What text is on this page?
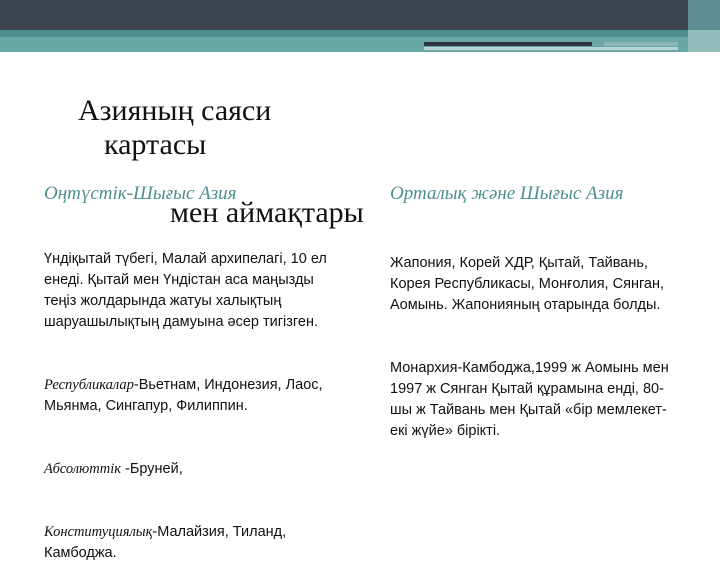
Азияның саяси

картасы

мен аймақтары

Оңтүстік-Шығыс Азия

Үндіқытай түбегі, Малай архипелагі, 10 ел енеді. Қытай мен Үндістан аса маңызды теңіз жолдарында жатуы халықтың шаруашылықтың дамуына әсер тигізген.

Республикалар-Вьетнам, Индонезия, Лаос, Мьянма, Сингапур, Филиппин.

Абсолюттік -Бруней,

Конституциялық-Малайзия, Тиланд, Камбоджа.

Орталық және Шығыс Азия

Жапония, Корей ХДР, Қытай, Тайвань, Корея Республикасы, Монғолия, Сянган, Аомынь. Жапонияның отарында болды.

Монархия-Камбоджа,1999 ж Аомынь мен 1997 ж Сянган Қытай құрамына енді, 80-шы ж Тайвань мен Қытай «бір мемлекет-екі жүйе» бірікті.
